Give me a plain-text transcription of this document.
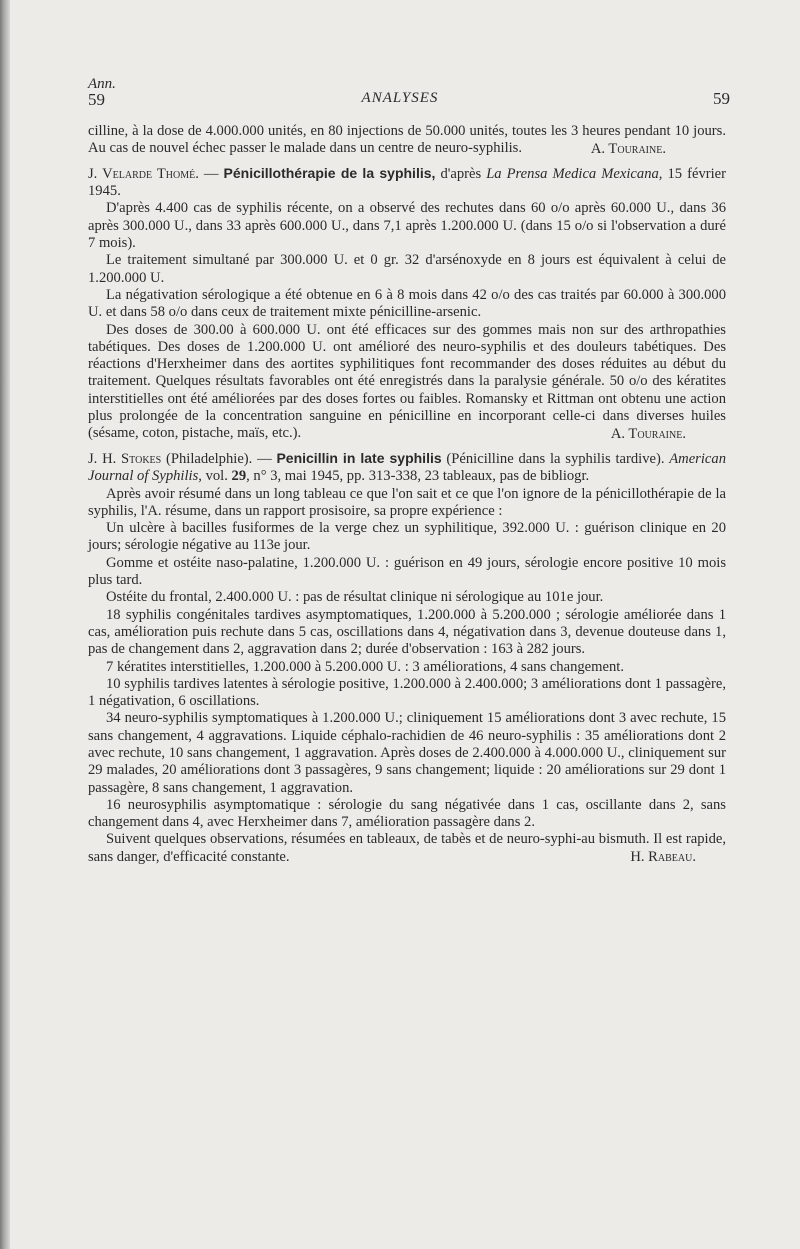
Ann.
59	ANALYSES	59

cilline, à la dose de 4.000.000 unités, en 80 injections de 50.000 unités, toutes les 3 heures pendant 10 jours. Au cas de nouvel échec passer le malade dans un centre de neuro-syphilis.	A. Touraine.

J. Velarde Thomé. — Pénicillothérapie de la syphilis, d'après La Prensa Medica Mexicana, 15 février 1945.

D'après 4.400 cas de syphilis récente, on a observé des rechutes dans 60 o/o après 60.000 U., dans 36 après 300.000 U., dans 33 après 600.000 U., dans 7,1 après 1.200.000 U. (dans 15 o/o si l'observation a duré 7 mois).

Le traitement simultané par 300.000 U. et 0 gr. 32 d'arsénoxyde en 8 jours est équivalent à celui de 1.200.000 U.

La négativation sérologique a été obtenue en 6 à 8 mois dans 42 o/o des cas traités par 60.000 à 300.000 U. et dans 58 o/o dans ceux de traitement mixte pénicilline-arsenic.

Des doses de 300.00 à 600.000 U. ont été efficaces sur des gommes mais non sur des arthropathies tabétiques. Des doses de 1.200.000 U. ont amélioré des neuro-syphilis et des douleurs tabétiques. Des réactions d'Herxheimer dans des aortites syphilitiques font recommander des doses réduites au début du traitement. Quelques résultats favorables ont été enregistrés dans la paralysie générale. 50 o/o des kératites interstitielles ont été améliorées par des doses fortes ou faibles. Romansky et Rittman ont obtenu une action plus prolongée de la concentration sanguine en pénicilline en incorporant celle-ci dans diverses huiles (sésame, coton, pistache, maïs, etc.).	A. Touraine.

J. H. Stokes (Philadelphie). — Penicillin in late syphilis (Pénicilline dans la syphilis tardive). American Journal of Syphilis, vol. 29, n° 3, mai 1945, pp. 313-338, 23 tableaux, pas de bibliogr.

Après avoir résumé dans un long tableau ce que l'on sait et ce que l'on ignore de la pénicillothérapie de la syphilis, l'A. résume, dans un rapport prosisoire, sa propre expérience :

Un ulcère à bacilles fusiformes de la verge chez un syphilitique, 392.000 U. : guérison clinique en 20 jours; sérologie négative au 113e jour.

Gomme et ostéite naso-palatine, 1.200.000 U. : guérison en 49 jours, sérologie encore positive 10 mois plus tard.

Ostéite du frontal, 2.400.000 U. : pas de résultat clinique ni sérologique au 101e jour.

18 syphilis congénitales tardives asymptomatiques, 1.200.000 à 5.200.000 ; sérologie améliorée dans 1 cas, amélioration puis rechute dans 5 cas, oscillations dans 4, négativation dans 3, devenue douteuse dans 1, pas de changement dans 2, aggravation dans 2; durée d'observation : 163 à 282 jours.

7 kératites interstitielles, 1.200.000 à 5.200.000 U. : 3 améliorations, 4 sans changement.

10 syphilis tardives latentes à sérologie positive, 1.200.000 à 2.400.000; 3 améliorations dont 1 passagère, 1 négativation, 6 oscillations.

34 neuro-syphilis symptomatiques à 1.200.000 U.; cliniquement 15 améliorations dont 3 avec rechute, 15 sans changement, 4 aggravations. Liquide céphalo-rachidien de 46 neuro-syphilis : 35 améliorations dont 2 avec rechute, 10 sans changement, 1 aggravation. Après doses de 2.400.000 à 4.000.000 U., cliniquement sur 29 malades, 20 améliorations dont 3 passagères, 9 sans changement; liquide : 20 améliorations sur 29 dont 1 passagère, 8 sans changement, 1 aggravation.

16 neurosyphilis asymptomatique : sérologie du sang négativée dans 1 cas, oscillante dans 2, sans changement dans 4, avec Herxheimer dans 7, amélioration passagère dans 2.

Suivent quelques observations, résumées en tableaux, de tabès et de neuro-syphi-au bismuth. Il est rapide, sans danger, d'efficacité constante.	H. Rabeau.
